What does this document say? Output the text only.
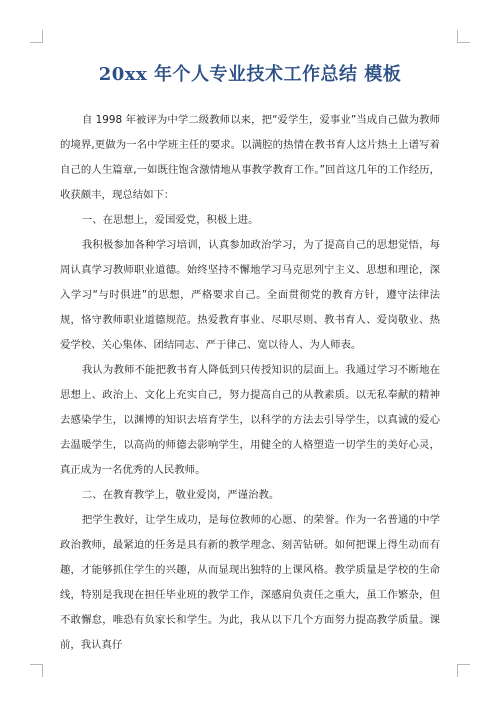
20xx 年个人专业技术工作总结 模板

自 1998 年被评为中学二级教师以来，把“爱学生，爱事业”当成自己做为教师的境界,更做为一名中学班主任的要求。以满腔的热情在教书育人这片热土上谱写着自己的人生篇章,一如既往饱含激情地从事教学教育工作。”回首这几年的工作经历，收获颇丰，现总结如下：

一、在思想上，爱国爱党，积极上进。

我积极参加各种学习培训，认真参加政治学习，为了提高自己的思想觉悟，每周认真学习教师职业道德。始终坚持不懈地学习马克思列宁主义、思想和理论，深入学习“与时俱进”的思想，严格要求自己。全面贯彻党的教育方针，遵守法律法规，恪守教师职业道德规范。热爱教育事业、尽职尽则、教书育人、爱岗敬业、热爱学校、关心集体、团结同志、严于律己、宽以待人、为人师表。

我认为教师不能把教书育人降低到只传授知识的层面上。我通过学习不断地在思想上、政治上、文化上充实自己，努力提高自己的从教素质。以无私奉献的精神去感染学生，以渊博的知识去培育学生，以科学的方法去引导学生，以真诚的爱心去温暖学生，以高尚的师德去影响学生，用健全的人格塑造一切学生的美好心灵，真正成为一名优秀的人民教师。

二、在教育教学上，敬业爱岗，严谨治教。

把学生教好，让学生成功，是每位教师的心愿、的荣誉。作为一名普通的中学政治教师，最紧迫的任务是具有新的教学理念、刻苦钻研。如何把课上得生动而有趣，才能够抓住学生的兴趣，从而显现出独特的上课风格。教学质量是学校的生命线，特别是我现在担任毕业班的教学工作，深感肩负责任之重大，虽工作繁杂，但不敢懈怠，唯恐有负家长和学生。为此，我从以下几个方面努力提高教学质量。课前，我认真仔
